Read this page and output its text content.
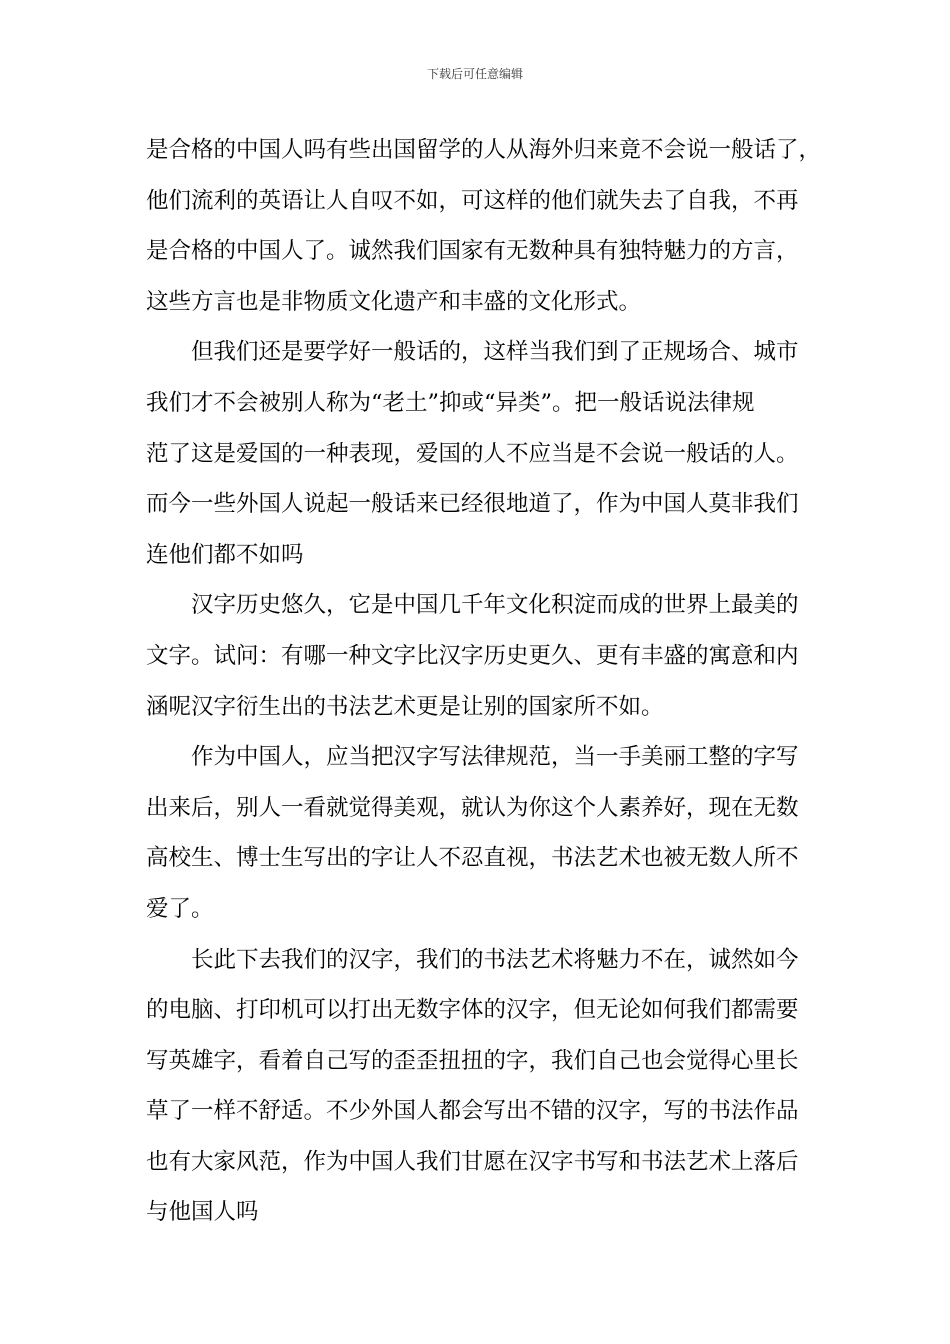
下载后可任意编辑
是合格的中国人吗有些出国留学的人从海外归来竟不会说一般话了，
他们流利的英语让人自叹不如，可这样的他们就失去了自我，不再
是合格的中国人了。诚然我们国家有无数种具有独特魅力的方言，
这些方言也是非物质文化遗产和丰盛的文化形式。
但我们还是要学好一般话的，这样当我们到了正规场合、城市
我们才不会被别人称为“老土”抑或“异类”。把一般话说法律规
范了这是爱国的一种表现，爱国的人不应当是不会说一般话的人。
而今一些外国人说起一般话来已经很地道了，作为中国人莫非我们
连他们都不如吗
汉字历史悠久，它是中国几千年文化积淀而成的世界上最美的
文字。试问：有哪一种文字比汉字历史更久、更有丰盛的寓意和内
涵呢汉字衍生出的书法艺术更是让别的国家所不如。
作为中国人，应当把汉字写法律规范，当一手美丽工整的字写
出来后，别人一看就觉得美观，就认为你这个人素养好，现在无数
高校生、博士生写出的字让人不忍直视，书法艺术也被无数人所不
爱了。
长此下去我们的汉字，我们的书法艺术将魅力不在，诚然如今
的电脑、打印机可以打出无数字体的汉字，但无论如何我们都需要
写英雄字，看着自己写的歪歪扭扭的字，我们自己也会觉得心里长
草了一样不舒适。不少外国人都会写出不错的汉字，写的书法作品
也有大家风范，作为中国人我们甘愿在汉字书写和书法艺术上落后
与他国人吗
